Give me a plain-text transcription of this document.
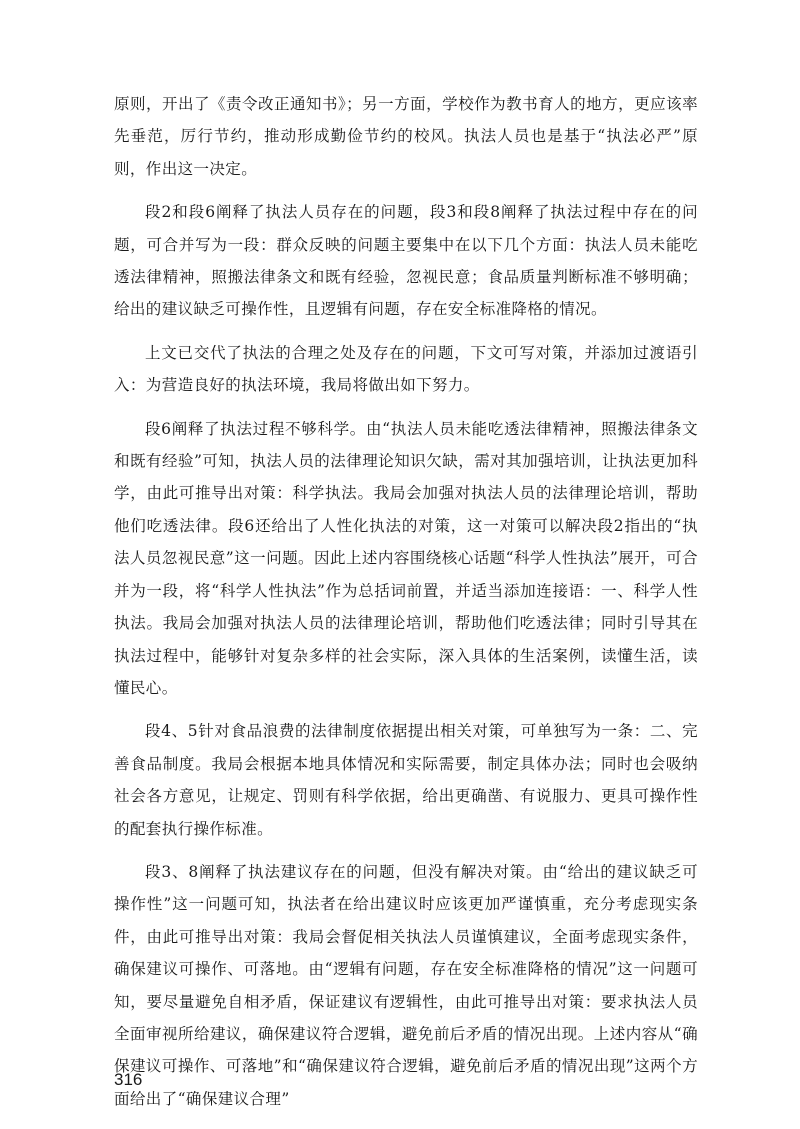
原则，开出了《责令改正通知书》；另一方面，学校作为教书育人的地方，更应该率先垂范，厉行节约，推动形成勤俭节约的校风。执法人员也是基于“执法必严”原则，作出这一决定。

段2和段6阐释了执法人员存在的问题，段3和段8阐释了执法过程中存在的问题，可合并写为一段：群众反映的问题主要集中在以下几个方面：执法人员未能吃透法律精神，照搬法律条文和既有经验，忽视民意；食品质量判断标准不够明确；给出的建议缺乏可操作性，且逻辑有问题，存在安全标准降格的情况。

上文已交代了执法的合理之处及存在的问题，下文可写对策，并添加过渡语引入：为营造良好的执法环境，我局将做出如下努力。

段6阐释了执法过程不够科学。由“执法人员未能吃透法律精神，照搬法律条文和既有经验”可知，执法人员的法律理论知识欠缺，需对其加强培训，让执法更加科学，由此可推导出对策：科学执法。我局会加强对执法人员的法律理论培训，帮助他们吃透法律。段6还给出了人性化执法的对策，这一对策可以解决段2指出的“执法人员忽视民意”这一问题。因此上述内容围绕核心话题“科学人性执法”展开，可合并为一段，将“科学人性执法”作为总括词前置，并适当添加连接语：一、科学人性执法。我局会加强对执法人员的法律理论培训，帮助他们吃透法律；同时引导其在执法过程中，能够针对复杂多样的社会实际，深入具体的生活案例，读懂生活，读懂民心。

段4、5针对食品浪费的法律制度依据提出相关对策，可单独写为一条：二、完善食品制度。我局会根据本地具体情况和实际需要，制定具体办法；同时也会吸纳社会各方意见，让规定、罚则有科学依据，给出更确凿、有说服力、更具可操作性的配套执行操作标准。

段3、8阐释了执法建议存在的问题，但没有解决对策。由“给出的建议缺乏可操作性”这一问题可知，执法者在给出建议时应该更加严谨慎重，充分考虑现实条件，由此可推导出对策：我局会督促相关执法人员谨慎建议，全面考虑现实条件，确保建议可操作、可落地。由“逻辑有问题，存在安全标准降格的情况”这一问题可知，要尽量避免自相矛盾，保证建议有逻辑性，由此可推导出对策：要求执法人员全面审视所给建议，确保建议符合逻辑，避免前后矛盾的情况出现。上述内容从“确保建议可操作、可落地”和“确保建议符合逻辑，避免前后矛盾的情况出现”这两个方面给出了“确保建议合理”

316
